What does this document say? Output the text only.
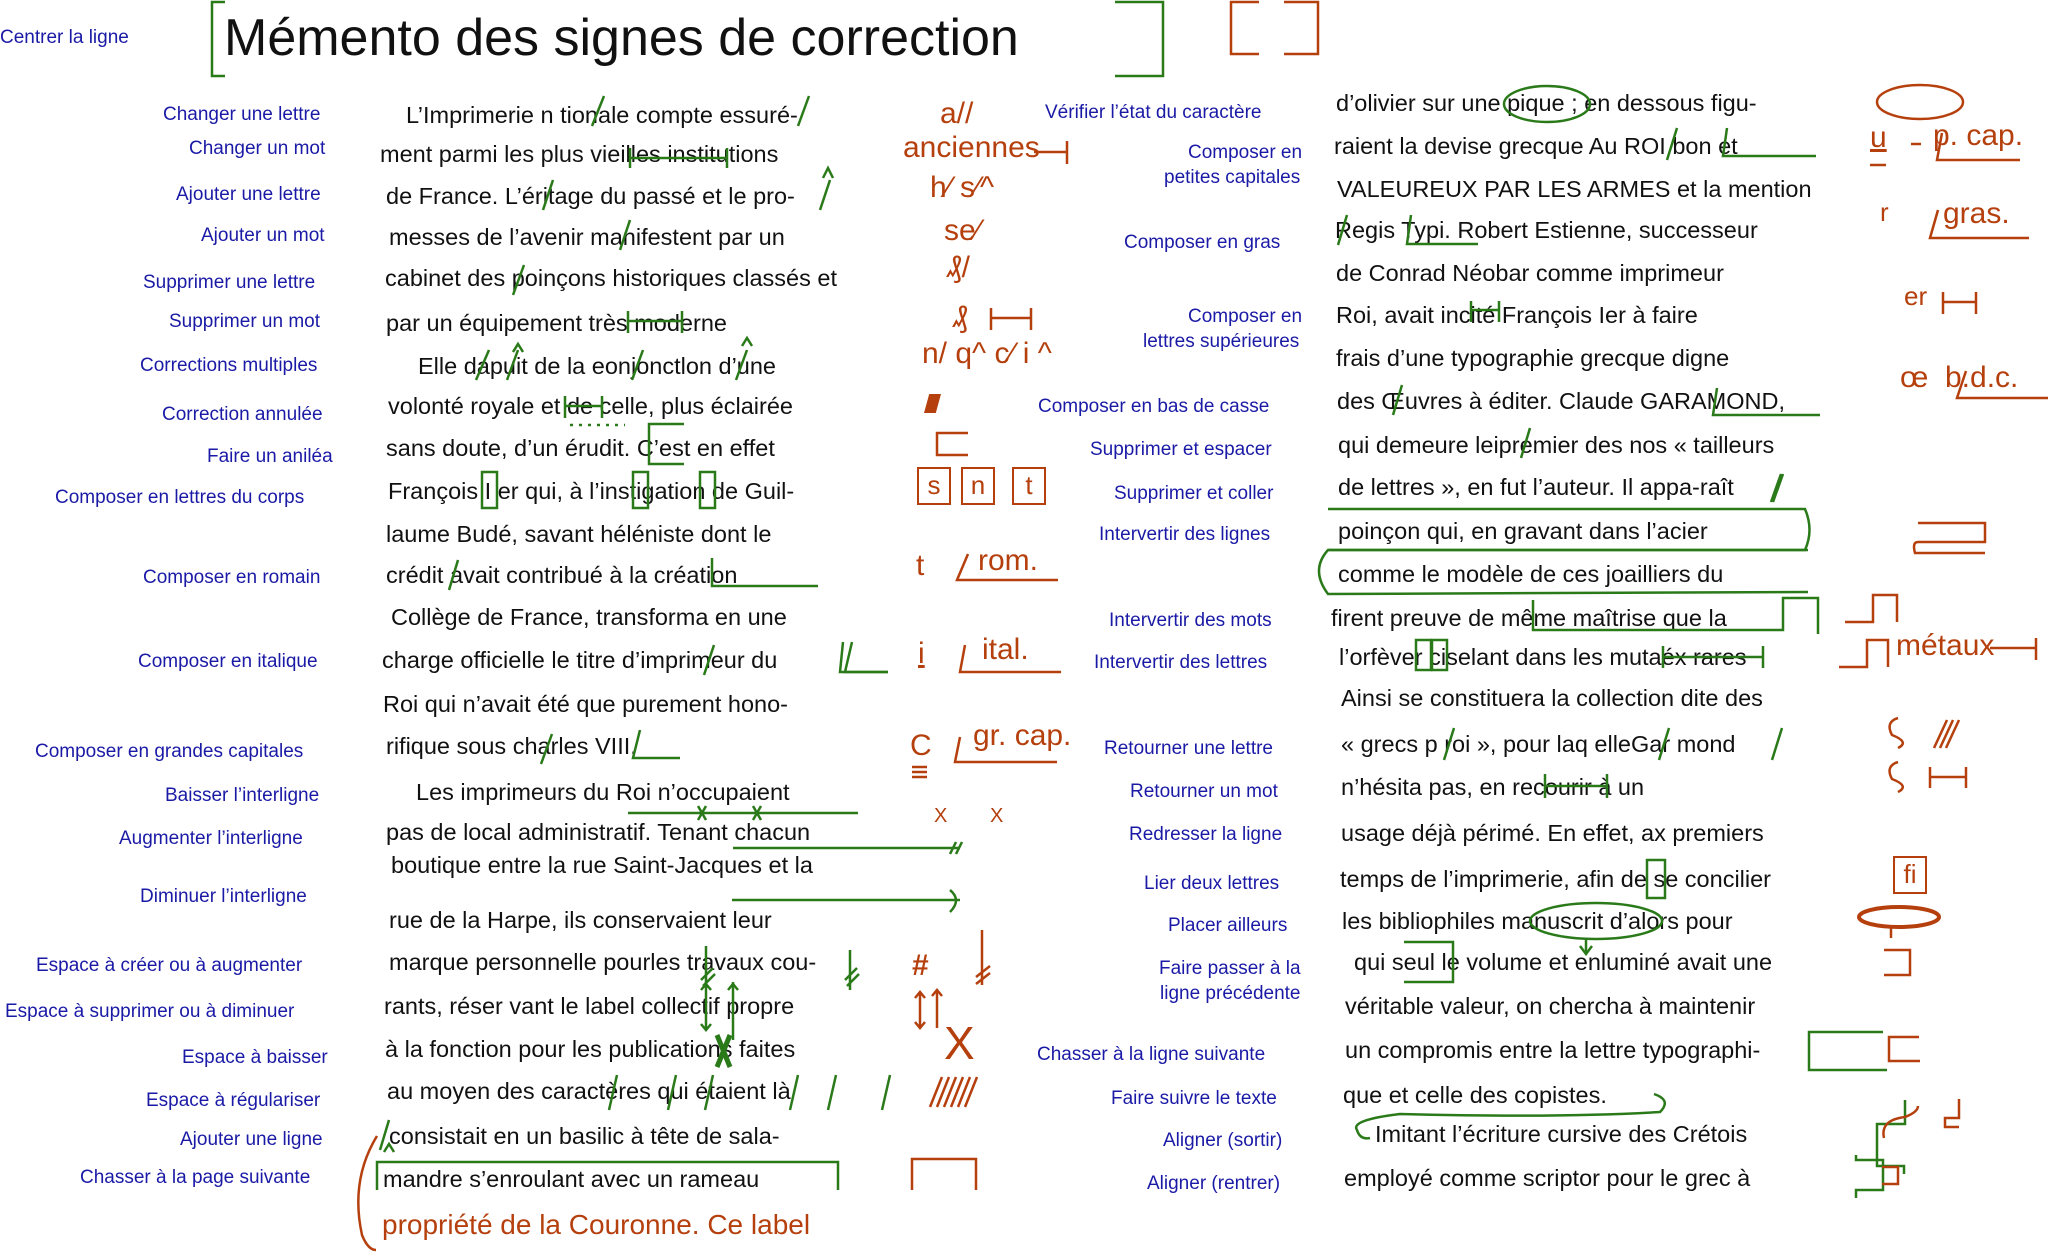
Centrer la ligne Mémento des signes de correction
Changer une lettre
Changer un mot
Ajouter une lettre
Ajouter un mot
Supprimer une lettre
Supprimer un mot
Corrections multiples
Correction annulée
Faire un aniléa
Composer en lettres du corps
Composer en romain
Composer en italique
Composer en grandes capitales
Baisser l’interligne
Augmenter l’interligne
Diminuer l’interligne
Espace à créer ou à augmenter
Espace à supprimer ou à diminuer
Espace à baisser
Espace à régulariser
Ajouter une ligne
Chasser à la page suivante
L’Imprimerie n tionale compte essuré-
ment parmi les plus vieilles institutions
de France. L’éritage du passé et le pro-
messes de l’avenir manifestent par un
cabinet des poinçons historiques classés et
par un équipement très moderne
Elle dapuit de la eonjonctlon d’une
volonté royale et de celle, plus éclairée
sans doute, d’un érudit. C’est en effet
François I er qui, à l’instigation de Guil-
laume Budé, savant héléniste dont le
crédit avait contribué à la création
Collège de France, transforma en une
charge officielle le titre d’imprimeur du
Roi qui n’avait été que purement hono-
rifique sous charles VIII.
Les imprimeurs du Roi n’occupaient
pas de local administratif. Tenant chacun
boutique entre la rue Saint-Jacques et la
rue de la Harpe, ils conservaient leur
marque personnelle pourles travaux cou-
rants, réser vant le label collectif propre
à la fonction pour les publications faites
au moyen des caractères qui étaient là
consistait en un basilic à tête de sala-
mandre s’enroulant avec un rameau
propriété de la Couronne. Ce label
a//
anciennes
h⁄ s⁄^
se⁄
₰/
₰
n/ q^ c⁄ i ^
/////////
s	n	t
t rom.
i ital.
C gr. cap.
X X
#
X
Vérifier l’état du caractère
Composer en
petites capitales
Composer en gras
Composer en
lettres supérieures
Composer en bas de casse
Supprimer et espacer
Supprimer et coller
Intervertir des lignes
Intervertir des mots
Intervertir des lettres
Retourner une lettre
Retourner un mot
Redresser la ligne
Lier deux lettres
Placer ailleurs
Faire passer à la
ligne précédente
Chasser à la ligne suivante
Faire suivre le texte
Aligner (sortir)
Aligner (rentrer)
d’olivier sur une pique ; en dessous figu-
raient la devise grecque Au ROI bon et
VALEUREUX PAR LES ARMES et la mention
Regis Typi. Robert Estienne, successeur
de Conrad Néobar comme imprimeur
Roi, avait incité François Ier à faire
frais d’une typographie grecque digne
des Œuvres à éditer. Claude GARAMOND,
qui demeure leipremier des nos « tailleurs
de lettres », en fut l’auteur. Il appa-raît
poinçon qui, en gravant dans l’acier
comme le modèle de ces joailliers du
firent preuve de même maîtrise que la
l’orfèver ciselant dans les mutaéx rares
Ainsi se constituera la collection dite des
« grecs p roi », pour laq elleGar mond
n’hésita pas, en recourir à un
usage déjà périmé. En effet, ax premiers
temps de l’imprimerie, afin de se concilier
les bibliophiles manuscrit d’alors pour
qui seul le volume et enluminé avait une
véritable valeur, on chercha à maintenir
un compromis entre la lettre typographi-
que et celle des copistes.
Imitant l’écriture cursive des Crétois
employé comme scriptor pour le grec à
u p. cap.
r gras.
er
œ b.d.c.
métaux
fi
